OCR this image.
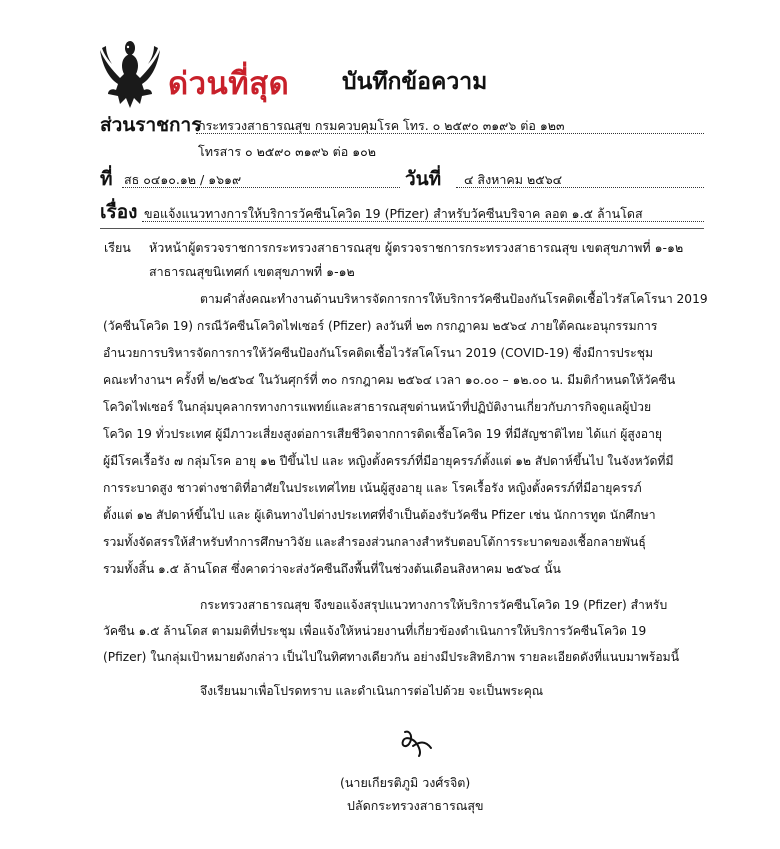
ด่วนที่สุด บันทึกข้อความ
ส่วนราชการ
กระทรวงสาธารณสุข กรมควบคุมโรค โทร. ๐ ๒๕๙๐ ๓๑๙๖ ต่อ ๑๒๓
โทรสาร ๐ ๒๕๙๐ ๓๑๙๖ ต่อ ๑๐๒
ที่ สธ ๐๔๑๐.๑๒ / ๑๖๑๙	วันที่ ๔ สิงหาคม ๒๕๖๔
เรื่อง ขอแจ้งแนวทางการให้บริการวัคซีนโควิด 19 (Pfizer) สำหรับวัคซีนบริจาค ลอต ๑.๕ ล้านโดส
เรียน หัวหน้าผู้ตรวจราชการกระทรวงสาธารณสุข ผู้ตรวจราชการกระทรวงสาธารณสุข เขตสุขภาพที่ ๑-๑๒
สาธารณสุขนิเทศก์ เขตสุขภาพที่ ๑-๑๒
ตามคำสั่งคณะทำงานด้านบริหารจัดการการให้บริการวัคซีนป้องกันโรคติดเชื้อไวรัสโคโรนา 2019
(วัคซีนโควิด 19) กรณีวัคซีนโควิดไฟเซอร์ (Pfizer) ลงวันที่ ๒๓ กรกฎาคม ๒๕๖๔ ภายใต้คณะอนุกรรมการ
อำนวยการบริหารจัดการการให้วัคซีนป้องกันโรคติดเชื้อไวรัสโคโรนา 2019 (COVID-19) ซึ่งมีการประชุม
คณะทำงานฯ ครั้งที่ ๒/๒๕๖๔ ในวันศุกร์ที่ ๓๐ กรกฎาคม ๒๕๖๔ เวลา ๑๐.๐๐ – ๑๒.๐๐ น. มีมติกำหนดให้วัคซีน
โควิดไฟเซอร์ ในกลุ่มบุคลากรทางการแพทย์และสาธารณสุขด่านหน้าที่ปฏิบัติงานเกี่ยวกับภารกิจดูแลผู้ป่วย
โควิด 19 ทั่วประเทศ ผู้มีภาวะเสี่ยงสูงต่อการเสียชีวิตจากการติดเชื้อโควิด 19 ที่มีสัญชาติไทย ได้แก่ ผู้สูงอายุ
ผู้มีโรคเรื้อรัง ๗ กลุ่มโรค อายุ ๑๒ ปีขึ้นไป และ หญิงตั้งครรภ์ที่มีอายุครรภ์ตั้งแต่ ๑๒ สัปดาห์ขึ้นไป ในจังหวัดที่มี
การระบาดสูง ชาวต่างชาติที่อาศัยในประเทศไทย เน้นผู้สูงอายุ และ โรคเรื้อรัง หญิงตั้งครรภ์ที่มีอายุครรภ์
ตั้งแต่ ๑๒ สัปดาห์ขึ้นไป และ ผู้เดินทางไปต่างประเทศที่จำเป็นต้องรับวัคซีน Pfizer เช่น นักการทูต นักศึกษา
รวมทั้งจัดสรรให้สำหรับทำการศึกษาวิจัย และสำรองส่วนกลางสำหรับตอบโต้การระบาดของเชื้อกลายพันธุ์
รวมทั้งสิ้น ๑.๕ ล้านโดส ซึ่งคาดว่าจะส่งวัคซีนถึงพื้นที่ในช่วงต้นเดือนสิงหาคม ๒๕๖๔ นั้น
กระทรวงสาธารณสุข จึงขอแจ้งสรุปแนวทางการให้บริการวัคซีนโควิด 19 (Pfizer) สำหรับ
วัคซีน ๑.๕ ล้านโดส ตามมติที่ประชุม เพื่อแจ้งให้หน่วยงานที่เกี่ยวข้องดำเนินการให้บริการวัคซีนโควิด 19
(Pfizer) ในกลุ่มเป้าหมายดังกล่าว เป็นไปในทิศทางเดียวกัน อย่างมีประสิทธิภาพ รายละเอียดดังที่แนบมาพร้อมนี้
จึงเรียนมาเพื่อโปรดทราบ และดำเนินการต่อไปด้วย จะเป็นพระคุณ
(นายเกียรติภูมิ วงศ์รจิต)
ปลัดกระทรวงสาธารณสุข
